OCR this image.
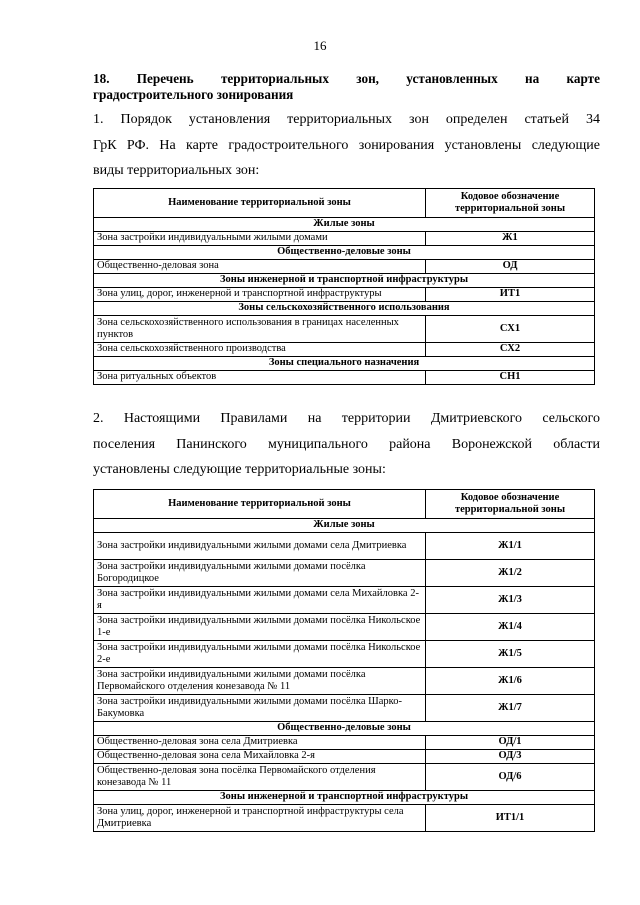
16
18. Перечень территориальных зон, установленных на карте
градостроительного зонирования
1. Порядок установления территориальных зон определен статьей 34
ГрК РФ. На карте градостроительного зонирования установлены следующие
виды территориальных зон:
Наименование территориальной зоны	Кодовое обозначение территориальной зоны
Жилые зоны	
Зона застройки индивидуальными жилыми домами	Ж1
Общественно-деловые зоны	
Общественно-деловая зона	ОД
Зоны инженерной и транспортной инфраструктуры	
Зона улиц, дорог, инженерной и транспортной инфраструктуры	ИТ1
Зоны сельскохозяйственного использования	
Зона сельскохозяйственного использования в границах населенных пунктов	СХ1
Зона сельскохозяйственного производства	СХ2
Зоны специального назначения	
Зона ритуальных объектов	СН1
2. Настоящими Правилами на территории Дмитриевского сельского
поселения Панинского муниципального района Воронежской области
установлены следующие территориальные зоны:
Наименование территориальной зоны	Кодовое обозначение территориальной зоны
Жилые зоны	
Зона застройки индивидуальными жилыми домами села Дмитриевка	Ж1/1
Зона застройки индивидуальными жилыми домами посёлка Богородицкое	Ж1/2
Зона застройки индивидуальными жилыми домами села Михайловка 2-я	Ж1/3
Зона застройки индивидуальными жилыми домами посёлка Никольское 1-е	Ж1/4
Зона застройки индивидуальными жилыми домами посёлка Никольское 2-е	Ж1/5
Зона застройки индивидуальными жилыми домами посёлка Первомайского отделения конезавода № 11	Ж1/6
Зона застройки индивидуальными жилыми домами посёлка Шарко-Бакумовка	Ж1/7
Общественно-деловые зоны	
Общественно-деловая зона села Дмитриевка	ОД/1
Общественно-деловая зона села Михайловка 2-я	ОД/3
Общественно-деловая зона посёлка Первомайского отделения конезавода № 11	ОД/6
Зоны инженерной и транспортной инфраструктуры	
Зона улиц, дорог, инженерной и транспортной инфраструктуры села Дмитриевка	ИТ1/1
